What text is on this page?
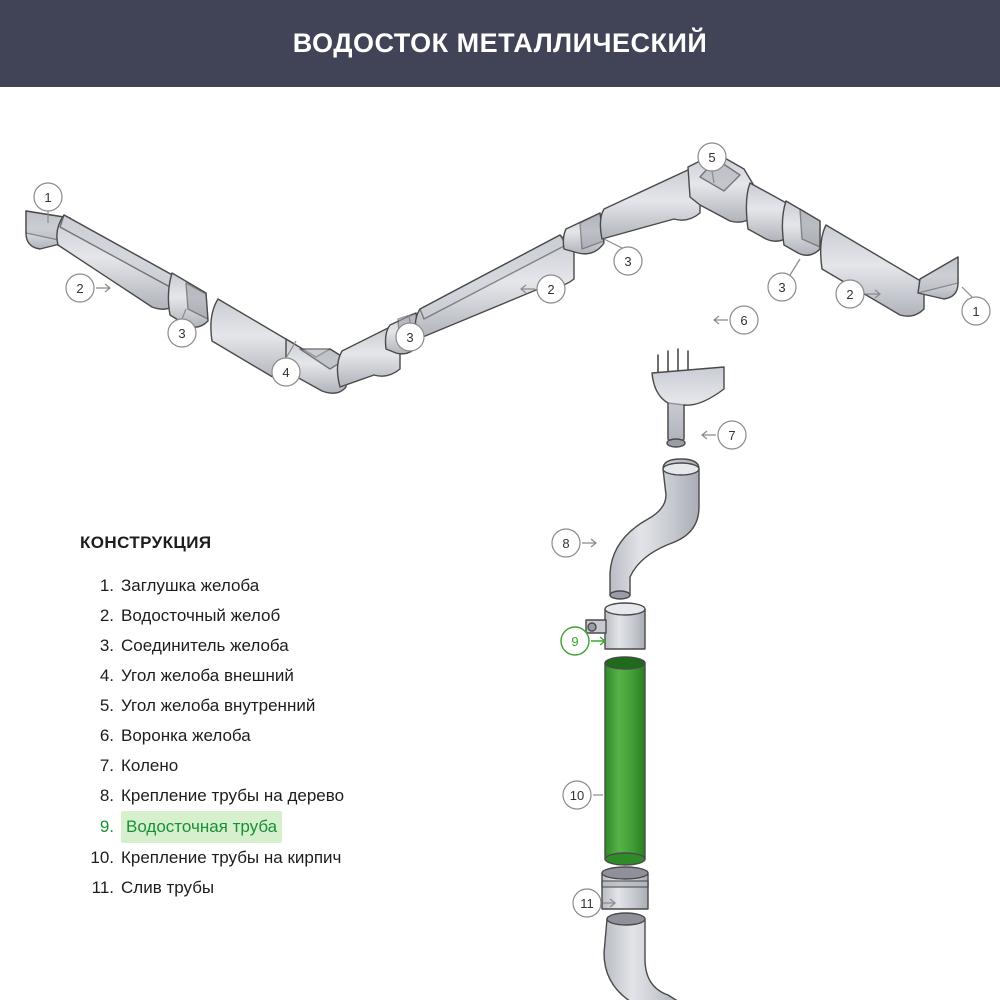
ВОДОСТОК МЕТАЛЛИЧЕСКИЙ
1
2
3
4
3
2
3
5
3	2
1
6
7
8
9
10
11
КОНСТРУКЦИЯ
1. Заглушка желоба
2. Водосточный желоб
3. Соединитель желоба
4. Угол желоба внешний
5. Угол желоба внутренний
6. Воронка желоба
7. Колено
8. Крепление трубы на дерево
9. Водосточная труба
10. Крепление трубы на кирпич
11. Слив трубы
